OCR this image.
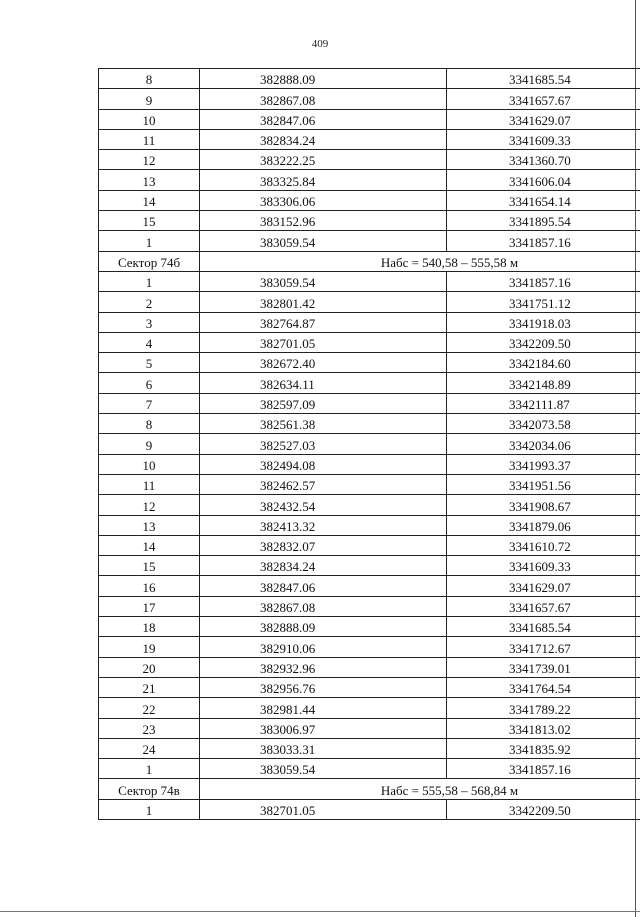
409
8	382888.09	3341685.54
9	382867.08	3341657.67
10	382847.06	3341629.07
11	382834.24	3341609.33
12	383222.25	3341360.70
13	383325.84	3341606.04
14	383306.06	3341654.14
15	383152.96	3341895.54
1	383059.54	3341857.16
Сектор 74б	Набс = 540,58 – 555,58 м	
1	383059.54	3341857.16
2	382801.42	3341751.12
3	382764.87	3341918.03
4	382701.05	3342209.50
5	382672.40	3342184.60
6	382634.11	3342148.89
7	382597.09	3342111.87
8	382561.38	3342073.58
9	382527.03	3342034.06
10	382494.08	3341993.37
11	382462.57	3341951.56
12	382432.54	3341908.67
13	382413.32	3341879.06
14	382832.07	3341610.72
15	382834.24	3341609.33
16	382847.06	3341629.07
17	382867.08	3341657.67
18	382888.09	3341685.54
19	382910.06	3341712.67
20	382932.96	3341739.01
21	382956.76	3341764.54
22	382981.44	3341789.22
23	383006.97	3341813.02
24	383033.31	3341835.92
1	383059.54	3341857.16
Сектор 74в	Набс = 555,58 – 568,84 м	
1	382701.05	3342209.50
